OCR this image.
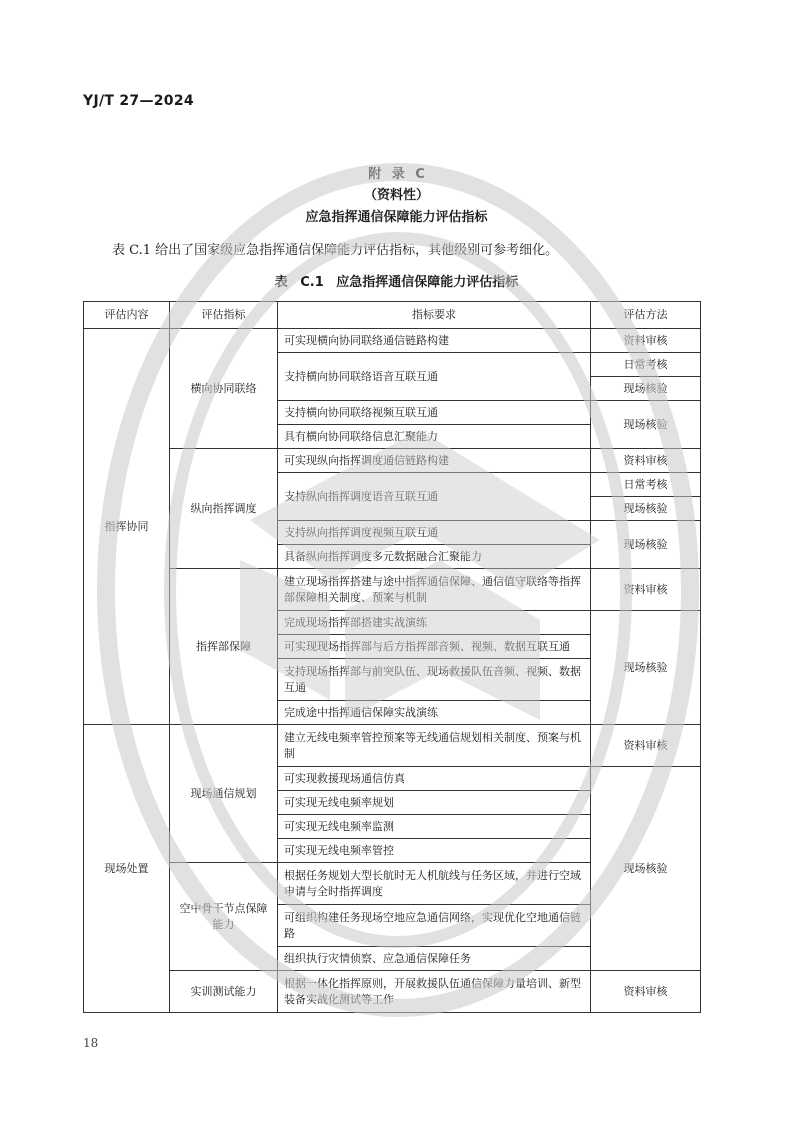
YJ/T 27—2024
附 录 C
（资料性）
应急指挥通信保障能力评估指标
表 C.1 给出了国家级应急指挥通信保障能力评估指标，其他级别可参考细化。
表 C.1 应急指挥通信保障能力评估指标
评估内容	评估指标	指标要求	评估方法
指挥协同	横向协同联络	可实现横向协同联络通信链路构建	资料审核
		支持横向协同联络语音互联互通	日常考核
			现场核验
		支持横向协同联络视频互联互通	现场核验
		具有横向协同联络信息汇聚能力	
	纵向指挥调度	可实现纵向指挥调度通信链路构建	资料审核
		支持纵向指挥调度语音互联互通	日常考核
			现场核验
		支持纵向指挥调度视频互联互通	现场核验
		具备纵向指挥调度多元数据融合汇聚能力	
	指挥部保障	建立现场指挥搭建与途中指挥通信保障、通信值守联络等指挥部保障相关制度、预案与机制	资料审核
		完成现场指挥部搭建实战演练	现场核验
		可实现现场指挥部与后方指挥部音频、视频、数据互联互通	
		支持现场指挥部与前突队伍、现场救援队伍音频、视频、数据互通	
		完成途中指挥通信保障实战演练	
现场处置	现场通信规划	建立无线电频率管控预案等无线通信规划相关制度、预案与机制	资料审核
		可实现救援现场通信仿真	现场核验
		可实现无线电频率规划	
		可实现无线电频率监测	
		可实现无线电频率管控	
	空中骨干节点保障能力	根据任务规划大型长航时无人机航线与任务区域，并进行空域申请与全时指挥调度	
		可组织构建任务现场空地应急通信网络，实现优化空地通信链路	
		组织执行灾情侦察、应急通信保障任务	
	实训测试能力	根据一体化指挥原则，开展救援队伍通信保障力量培训、新型装备实战化测试等工作	资料审核
18
